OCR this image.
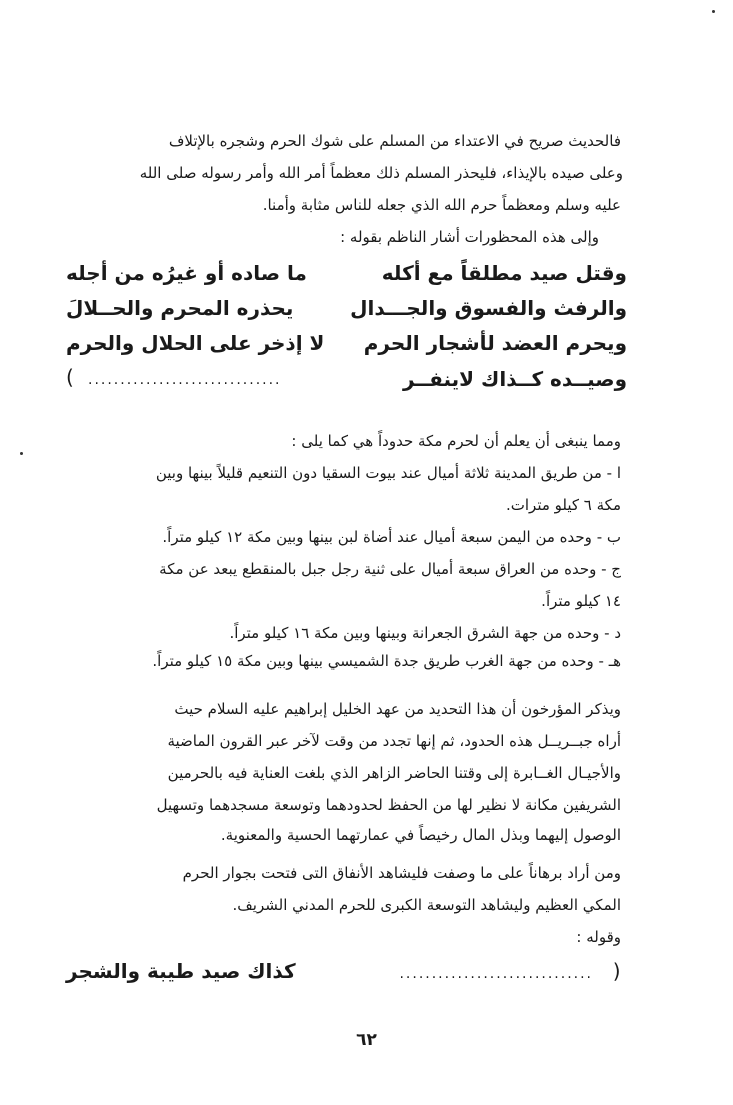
فالحديث صريح في الاعتداء من المسلم على شوك الحرم وشجره بالإتلاف
وعلى صيده بالإيذاء، فليحذر المسلم ذلك معظماً أمر الله وأمر رسوله صلى الله
عليه وسلم ومعظماً حرم الله الذي جعله للناس مثابة وأمنا.
وإلى هذه المحظورات أشار الناظم بقوله :
وقتل صيد مطلقاً مع أكله
ما صاده أو غيرُه من أجله
والرفث والفسوق والجـــدال
يحذره المحرم والحــلالَ
ويحرم العضد لأشجار الحرم
لا إذخر على الحلال والحرم
وصيــده كــذاك لاينفــر
..............................
)
ومما ينبغى أن يعلم أن لحرم مكة حدوداً هي كما يلى :
ا - من طريق المدينة ثلاثة أميال عند بيوت السقيا دون التنعيم قليلاً بينها وبين
مكة ٦ كيلو مترات.
ب - وحده من اليمن سبعة أميال عند أضاة لبن بينها وبين مكة ١٢ كيلو متراً.
ج - وحده من العراق سبعة أميال على ثنية رجل جبل بالمنقطع يبعد عن مكة
١٤ كيلو متراً.
د - وحده من جهة الشرق الجعرانة وبينها وبين مكة ١٦ كيلو متراً.
هـ - وحده من جهة الغرب طريق جدة الشميسي بينها وبين مكة ١٥ كيلو متراً.
ويذكر المؤرخون أن هذا التحديد من عهد الخليل إبراهيم عليه السلام حيث
أراه جبــريــل هذه الحدود، ثم إنها تجدد من وقت لآخر عبر القرون الماضية
والأجيـال الغــابرة إلى وقتنا الحاضر الزاهر الذي بلغت العناية فيه بالحرمين
الشريفين مكانة لا نظير لها من الحفظ لحدودهما وتوسعة مسجدهما وتسهيل
الوصول إليهما وبذل المال رخيصاً في عمارتهما الحسية والمعنوية.
ومن أراد برهاناً على ما وصفت فليشاهد الأنفاق التى فتحت بجوار الحرم
المكي العظيم وليشاهد التوسعة الكبرى للحرم المدني الشريف.
وقوله :
(
..............................
كذاك صيد طيبة والشجر
٦٢
